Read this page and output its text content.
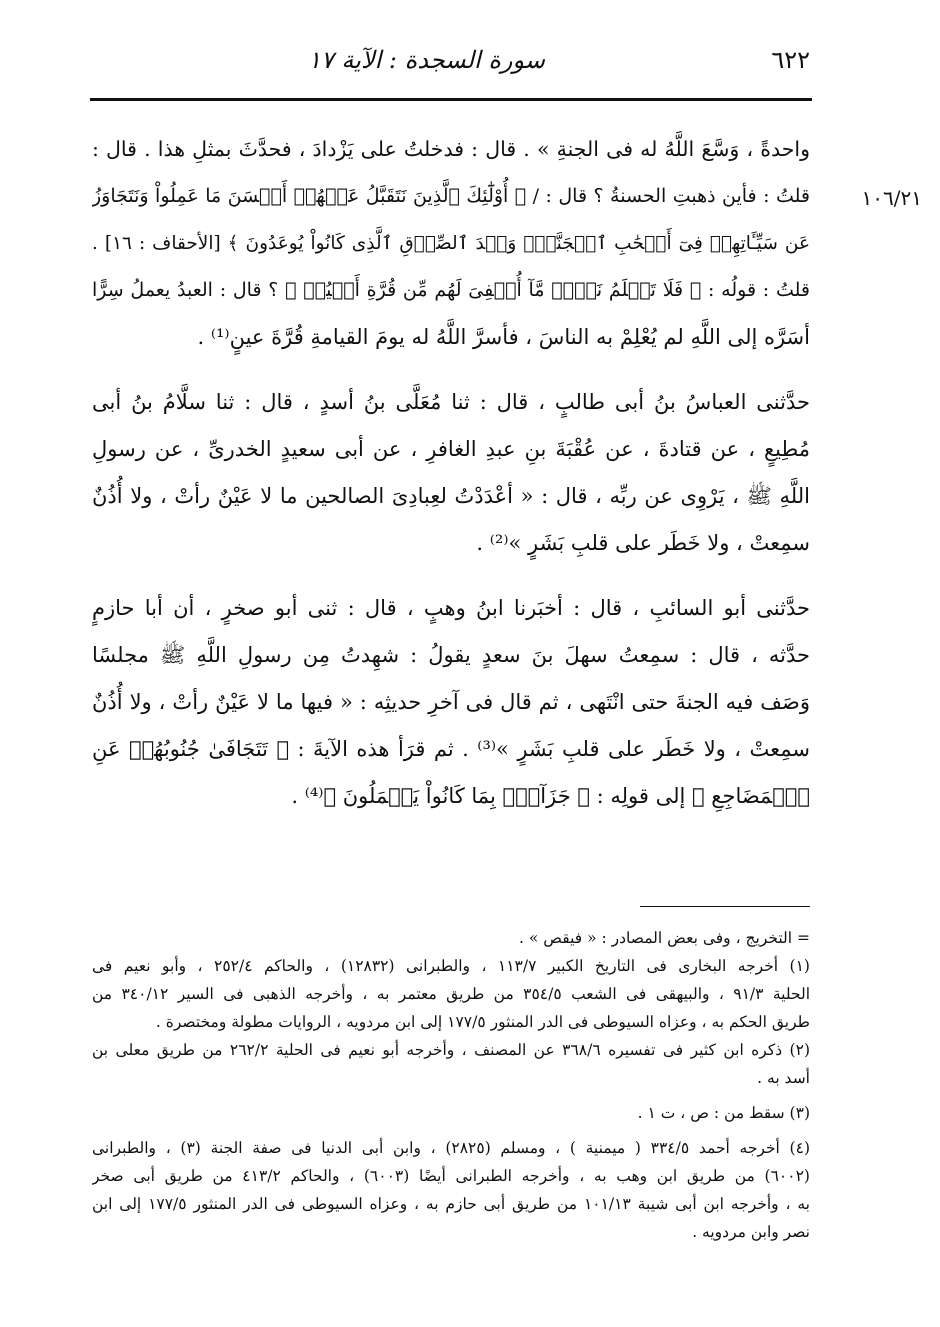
٦٢٢
سورة السجدة : الآية ١٧
١٠٦/٢١
واحدةً ، وَسَّعَ اللَّهُ له فى الجنةِ » . قال : فدخلتُ على يَزْدادَ ، فحدَّثَ بمثلِ هذا . قال :
قلتُ : فأين ذهبتِ الحسنةُ ؟ قال : / ﴿ أُوْلَٰٓئِكَ ٱلَّذِينَ نَتَقَبَّلُ عَنۡهُمۡ أَحۡسَنَ مَا عَمِلُواْ وَنَتَجَاوَزُ
عَن سَيِّـَٔاتِهِمۡ فِىٓ أَصۡحَٰبِ ٱلۡجَنَّةِۖ وَعۡدَ ٱلصِّدۡقِ ٱلَّذِى كَانُواْ يُوعَدُونَ ﴾ [الأحقاف : ١٦] .
قلتُ : قولُه : ﴿ فَلَا تَعۡلَمُ نَفۡسٞ مَّآ أُخۡفِىَ لَهُم مِّن قُرَّةِ أَعۡيُنٖ ﴾ ؟ قال : العبدُ يعملُ سِرًّا
أسَرَّه إلى اللَّهِ لم يُعْلِمْ به الناسَ ، فأسرَّ اللَّهُ له يومَ القيامةِ قُرَّةَ عينٍ⁽¹⁾ .
حدَّثنى العباسُ بنُ أبى طالبٍ ، قال : ثنا مُعَلَّى بنُ أسدٍ ، قال : ثنا سلَّامُ بنُ أبى
مُطِيعٍ ، عن قتادةَ ، عن عُقْبَةَ بنِ عبدِ الغافرِ ، عن أبى سعيدٍ الخدرىِّ ، عن رسولِ
اللَّهِ ﷺ ، يَرْوِى عن ربِّه ، قال : « أعْدَدْتُ لعِبادِىَ الصالحين ما لا عَيْنٌ رأتْ ، ولا أُذُنٌ
سمِعتْ ، ولا خَطَر على قلبِ بَشَرٍ »⁽²⁾ .
حدَّثنى أبو السائبِ ، قال : أخبَرنا ابنُ وهبٍ ، قال : ثنى أبو صخرٍ ، أن أبا حازمٍ
حدَّثه ، قال : سمِعتُ سهلَ بنَ سعدٍ يقولُ : شهِدتُ مِن رسولِ اللَّهِ ﷺ مجلسًا
وَصَف فيه الجنةَ حتى انْتَهى ، ثم قال فى آخرِ حديثِه : « فيها ما لا عَيْنٌ رأتْ ، ولا أُذُنٌ
سمِعتْ ، ولا خَطَر على قلبِ بَشَرٍ »⁽³⁾ . ثم قرَأ هذه الآيةَ : ﴿ تَتَجَافَىٰ جُنُوبُهُمۡ عَنِ
ٱلۡمَضَاجِعِ ﴾ إلى قولِه : ﴿ جَزَآءَۢ بِمَا كَانُواْ يَعۡمَلُونَ ﴾⁽⁴⁾ .
= التخريج ، وفى بعض المصادر : « فيقص » .
(١) أخرجه البخارى فى التاريخ الكبير ١١٣/٧ ، والطبرانى (١٢٨٣٢) ، والحاكم ٢٥٢/٤ ، وأبو نعيم فى
الحلية ٩١/٣ ، والبيهقى فى الشعب ٣٥٤/٥ من طريق معتمر به ، وأخرجه الذهبى فى السير ٣٤٠/١٢ من
طريق الحكم به ، وعزاه السيوطى فى الدر المنثور ١٧٧/٥ إلى ابن مردويه ، الروايات مطولة ومختصرة .
(٢) ذكره ابن كثير فى تفسيره ٣٦٨/٦ عن المصنف ، وأخرجه أبو نعيم فى الحلية ٢٦٢/٢ من طريق معلى بن
أسد به .
(٣) سقط من : ص ، ت ١ .
(٤) أخرجه أحمد ٣٣٤/٥ ( ميمنية ) ، ومسلم (٢٨٢٥) ، وابن أبى الدنيا فى صفة الجنة (٣) ، والطبرانى
(٦٠٠٢) من طريق ابن وهب به ، وأخرجه الطبرانى أيضًا (٦٠٠٣) ، والحاكم ٤١٣/٢ من طريق أبى صخر
به ، وأخرجه ابن أبى شيبة ١٠١/١٣ من طريق أبى حازم به ، وعزاه السيوطى فى الدر المنثور ١٧٧/٥ إلى ابن
نصر وابن مردويه .
